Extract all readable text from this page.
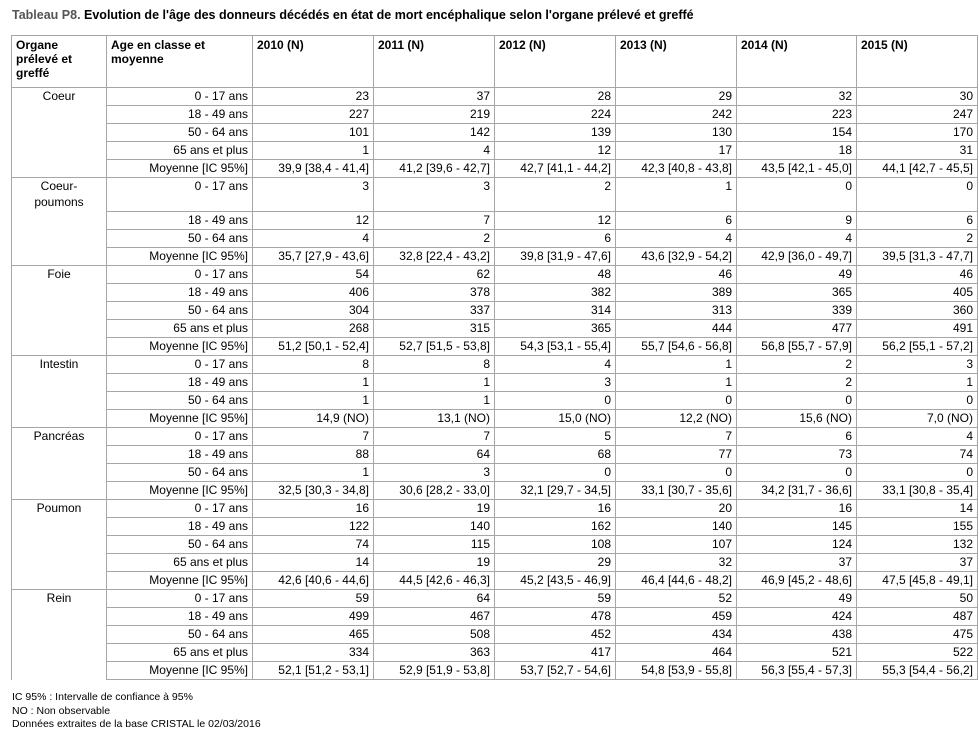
Tableau P8. Evolution de l'âge des donneurs décédés en état de mort encéphalique selon l'organe prélevé et greffé
Organe prélevé et greffé	Age en classe et moyenne	2010 (N)	2011 (N)	2012 (N)	2013 (N)	2014 (N)	2015 (N)
Coeur	0 - 17 ans	23	37	28	29	32	30
	18 - 49 ans	227	219	224	242	223	247
	50 - 64 ans	101	142	139	130	154	170
	65 ans et plus	1	4	12	17	18	31
	Moyenne [IC 95%]	39,9 [38,4 - 41,4]	41,2 [39,6 - 42,7]	42,7 [41,1 - 44,2]	42,3 [40,8 - 43,8]	43,5 [42,1 - 45,0]	44,1 [42,7 - 45,5]
Coeur-
poumons	0 - 17 ans	3	3	2	1	0	0
	18 - 49 ans	12	7	12	6	9	6
	50 - 64 ans	4	2	6	4	4	2
	Moyenne [IC 95%]	35,7 [27,9 - 43,6]	32,8 [22,4 - 43,2]	39,8 [31,9 - 47,6]	43,6 [32,9 - 54,2]	42,9 [36,0 - 49,7]	39,5 [31,3 - 47,7]
Foie	0 - 17 ans	54	62	48	46	49	46
	18 - 49 ans	406	378	382	389	365	405
	50 - 64 ans	304	337	314	313	339	360
	65 ans et plus	268	315	365	444	477	491
	Moyenne [IC 95%]	51,2 [50,1 - 52,4]	52,7 [51,5 - 53,8]	54,3 [53,1 - 55,4]	55,7 [54,6 - 56,8]	56,8 [55,7 - 57,9]	56,2 [55,1 - 57,2]
Intestin	0 - 17 ans	8	8	4	1	2	3
	18 - 49 ans	1	1	3	1	2	1
	50 - 64 ans	1	1	0	0	0	0
	Moyenne [IC 95%]	14,9 (NO)	13,1 (NO)	15,0 (NO)	12,2 (NO)	15,6 (NO)	7,0 (NO)
Pancréas	0 - 17 ans	7	7	5	7	6	4
	18 - 49 ans	88	64	68	77	73	74
	50 - 64 ans	1	3	0	0	0	0
	Moyenne [IC 95%]	32,5 [30,3 - 34,8]	30,6 [28,2 - 33,0]	32,1 [29,7 - 34,5]	33,1 [30,7 - 35,6]	34,2 [31,7 - 36,6]	33,1 [30,8 - 35,4]
Poumon	0 - 17 ans	16	19	16	20	16	14
	18 - 49 ans	122	140	162	140	145	155
	50 - 64 ans	74	115	108	107	124	132
	65 ans et plus	14	19	29	32	37	37
	Moyenne [IC 95%]	42,6 [40,6 - 44,6]	44,5 [42,6 - 46,3]	45,2 [43,5 - 46,9]	46,4 [44,6 - 48,2]	46,9 [45,2 - 48,6]	47,5 [45,8 - 49,1]
Rein	0 - 17 ans	59	64	59	52	49	50
	18 - 49 ans	499	467	478	459	424	487
	50 - 64 ans	465	508	452	434	438	475
	65 ans et plus	334	363	417	464	521	522
	Moyenne [IC 95%]	52,1 [51,2 - 53,1]	52,9 [51,9 - 53,8]	53,7 [52,7 - 54,6]	54,8 [53,9 - 55,8]	56,3 [55,4 - 57,3]	55,3 [54,4 - 56,2]
IC 95% : Intervalle de confiance à 95%
NO : Non observable
Données extraites de la base CRISTAL le 02/03/2016
